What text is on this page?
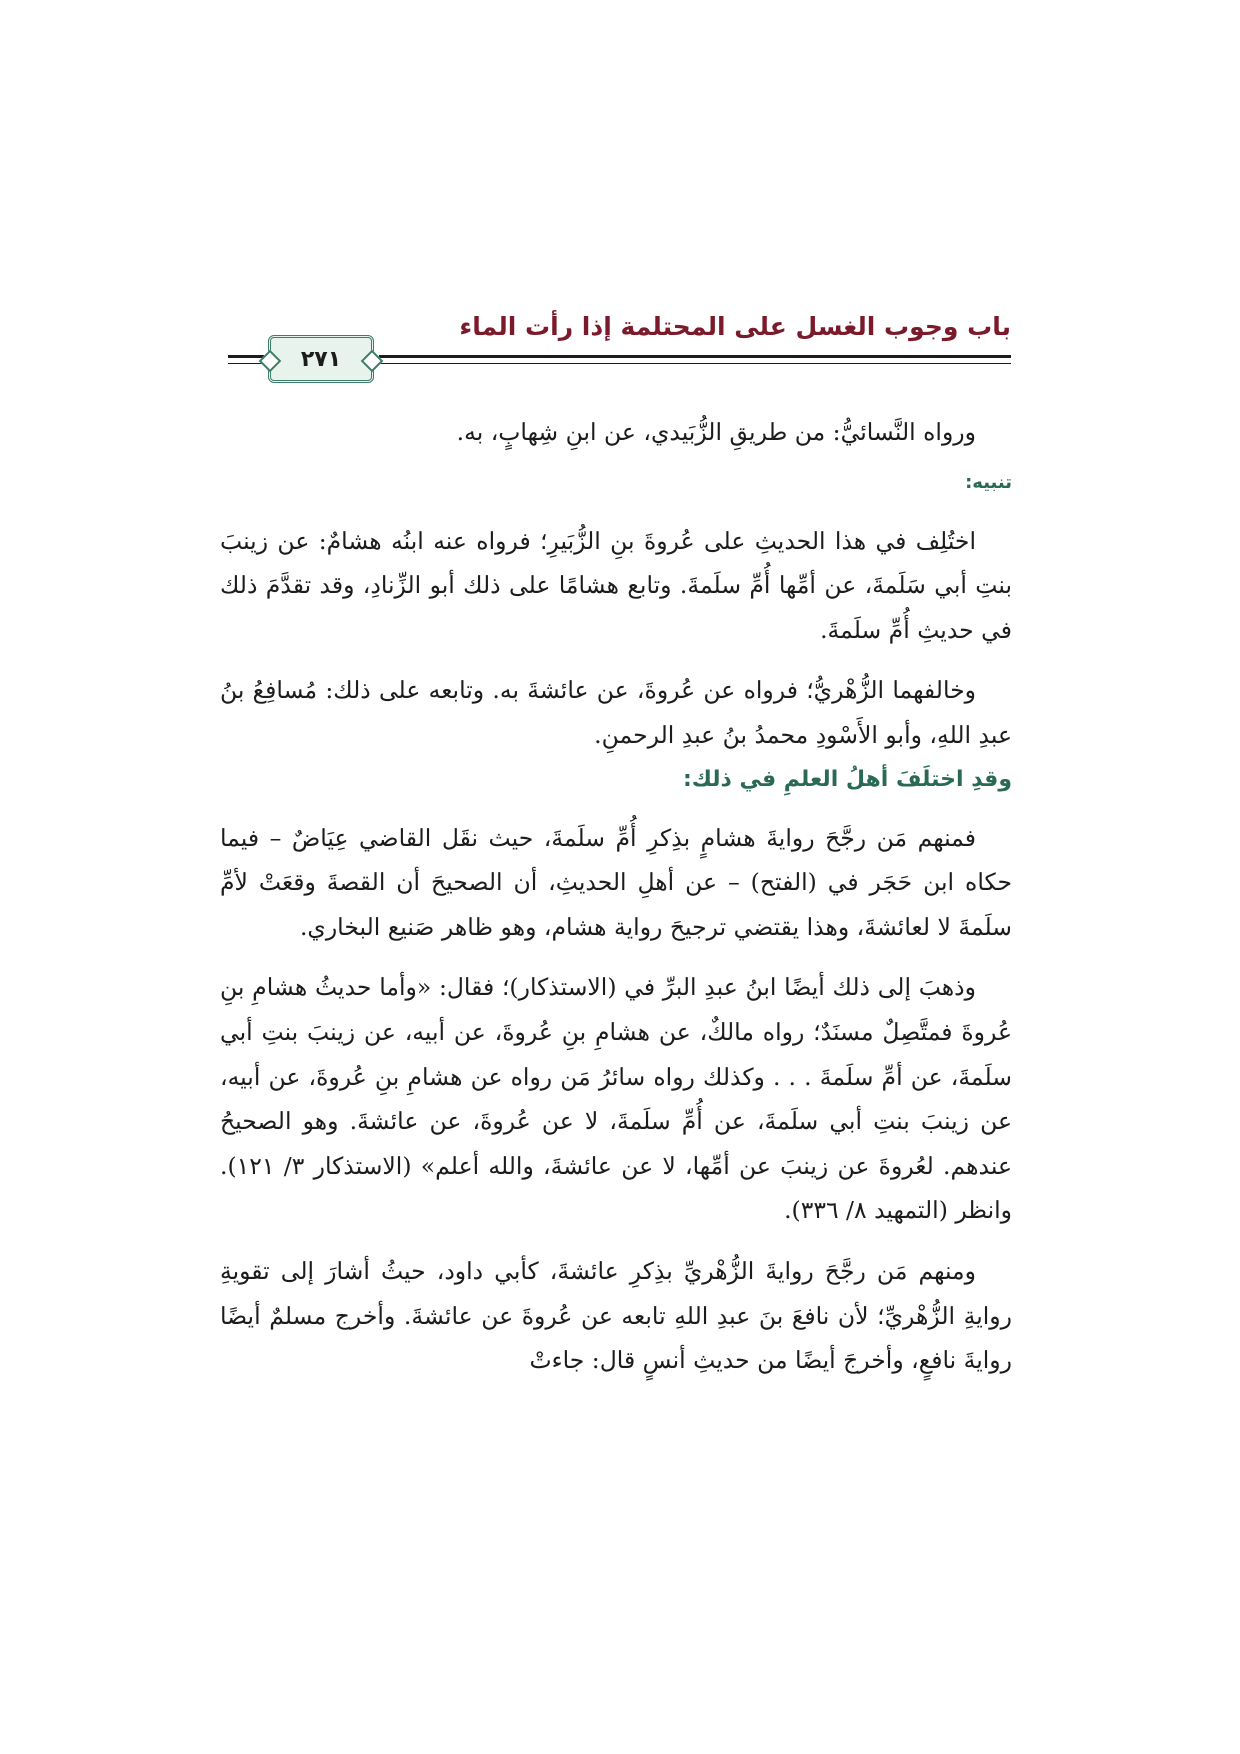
باب وجوب الغسل على المحتلمة إذا رأت الماء
٢٧١

ورواه النَّسائيُّ: من طريقِ الزُّبَيدي، عن ابنِ شِهابٍ، به.

تنبيه:

اختُلِف في هذا الحديثِ على عُروةَ بنِ الزُّبَيرِ؛ فرواه عنه ابنُه هشامٌ: عن زينبَ بنتِ أبي سَلَمةَ، عن أمِّها أُمِّ سلَمةَ. وتابع هشامًا على ذلك أبو الزِّنادِ، وقد تقدَّمَ ذلك في حديثِ أُمِّ سلَمةَ.

وخالفهما الزُّهْريُّ؛ فرواه عن عُروةَ، عن عائشةَ به. وتابعه على ذلك: مُسافِعُ بنُ عبدِ اللهِ، وأبو الأَسْودِ محمدُ بنُ عبدِ الرحمنِ.

وقدِ اختلَفَ أهلُ العلمِ في ذلك:

فمنهم مَن رجَّحَ روايةَ هشامٍ بذِكرِ أُمِّ سلَمةَ، حيث نقَل القاضي عِيَاضٌ – فيما حكاه ابن حَجَر في (الفتح) – عن أهلِ الحديثِ، أن الصحيحَ أن القصةَ وقعَتْ لأمِّ سلَمةَ لا لعائشةَ، وهذا يقتضي ترجيحَ رواية هشام، وهو ظاهر صَنيع البخاري.

وذهبَ إلى ذلك أيضًا ابنُ عبدِ البرِّ في (الاستذكار)؛ فقال: «وأما حديثُ هشامِ بنِ عُروةَ فمتَّصِلٌ مسنَدٌ؛ رواه مالكٌ، عن هشامِ بنِ عُروةَ، عن أبيه، عن زينبَ بنتِ أبي سلَمةَ، عن أمِّ سلَمةَ . . . وكذلك رواه سائرُ مَن رواه عن هشامِ بنِ عُروةَ، عن أبيه، عن زينبَ بنتِ أبي سلَمةَ، عن أُمِّ سلَمةَ، لا عن عُروةَ، عن عائشةَ. وهو الصحيحُ عندهم. لعُروةَ عن زينبَ عن أمِّها، لا عن عائشةَ، والله أعلم» (الاستذكار ٣/ ١٢١). وانظر (التمهيد ٨/ ٣٣٦).

ومنهم مَن رجَّحَ روايةَ الزُّهْريِّ بذِكرِ عائشةَ، كأبي داود، حيثُ أشارَ إلى تقويةِ روايةِ الزُّهْريِّ؛ لأن نافعَ بنَ عبدِ اللهِ تابعه عن عُروةَ عن عائشةَ. وأخرج مسلمٌ أيضًا روايةَ نافعٍ، وأخرجَ أيضًا من حديثِ أنسٍ قال: جاءتْ
